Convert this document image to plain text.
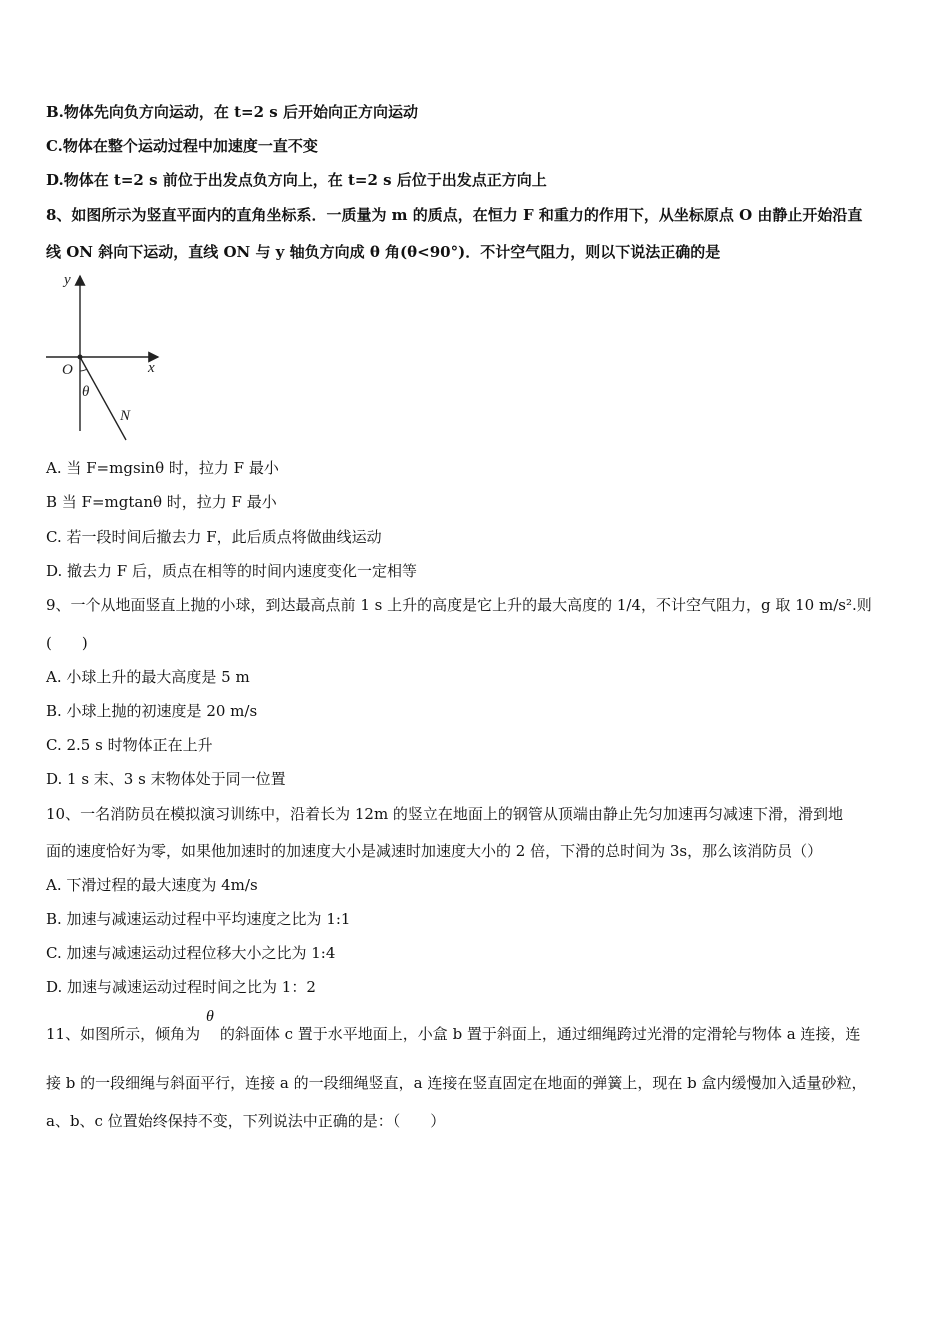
B.物体先向负方向运动，在 t=2 s 后开始向正方向运动
C.物体在整个运动过程中加速度一直不变
D.物体在 t=2 s 前位于出发点负方向上，在 t=2 s 后位于出发点正方向上
8、如图所示为竖直平面内的直角坐标系．一质量为 m 的质点，在恒力 F 和重力的作用下，从坐标原点 O 由静止开始沿直
线 ON 斜向下运动，直线 ON 与 y 轴负方向成 θ 角(θ<90°)．不计空气阻力，则以下说法正确的是
y
x
O
θ
N
A. 当 F=mgsinθ 时，拉力 F 最小
B 当 F=mgtanθ 时，拉力 F 最小
C. 若一段时间后撤去力 F，此后质点将做曲线运动
D. 撤去力 F 后，质点在相等的时间内速度变化一定相等
9、一个从地面竖直上抛的小球，到达最高点前 1 s 上升的高度是它上升的最大高度的 1/4，不计空气阻力，g 取 10 m/s².则
(　　)
A. 小球上升的最大高度是 5 m
B. 小球上抛的初速度是 20 m/s
C. 2.5 s 时物体正在上升
D. 1 s 末、3 s 末物体处于同一位置
10、一名消防员在模拟演习训练中，沿着长为 12m 的竖立在地面上的钢管从顶端由静止先匀加速再匀减速下滑，滑到地
面的速度恰好为零，如果他加速时的加速度大小是减速时加速度大小的 2 倍，下滑的总时间为 3s，那么该消防员（）
A. 下滑过程的最大速度为 4m/s
B. 加速与减速运动过程中平均速度之比为 1:1
C. 加速与减速运动过程位移大小之比为 1:4
D. 加速与减速运动过程时间之比为 1：2
θ
11、如图所示，倾角为　 的斜面体 c 置于水平地面上，小盒 b 置于斜面上，通过细绳跨过光滑的定滑轮与物体 a 连接，连
接 b 的一段细绳与斜面平行，连接 a 的一段细绳竖直，a 连接在竖直固定在地面的弹簧上，现在 b 盒内缓慢加入适量砂粒，
a、b、c 位置始终保持不变，下列说法中正确的是：（　　）
